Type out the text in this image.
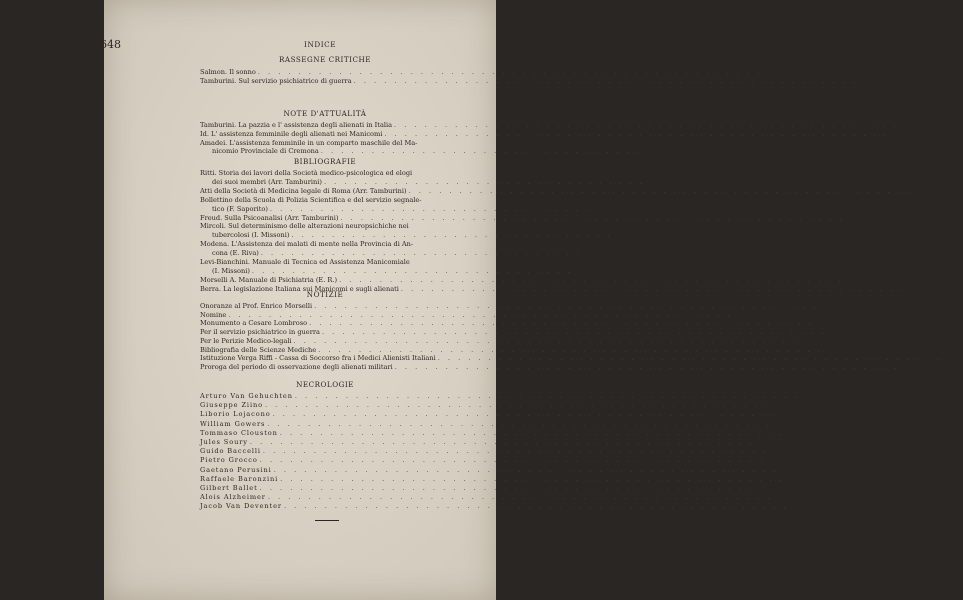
648	INDICE
RASSEGNE CRITICHE
NOTE D'ATTUALITÀ
BIBLIOGRAFIE
NOTIZIE
NECROLOGIE
Salmon. Il sonno . . .	Pag. 297
Tamburini. Sul servizio psichiatrico di guerra . . .	» 500
Tamburini. La pazzia e l' assistenza degli alienati in Italia . . .	» 623
Id. L' assistenza femminile degli alienati nei Manicomi . . .	» 634
Amadei. L'assistenza femminile in un comparto maschile del Ma-
nicomio Provinciale di Cremona . . .	» 635
Ritti. Storia dei lavori della Società medico-psicologica ed elogi
dei suoi membri (Arr. Tamburini) . . .	» 216
Atti della Società di Medicina legale di Roma (Arr. Tamburini) . . .	» 216
Bollettino della Scuola di Polizia Scientifica e del servizio segnale-
tico (F. Saporito) . . .	» 217
Freud. Sulla Psicoanalisi (Arr. Tamburini) . . .	» 218
Mircoli. Sul determinismo delle alterazioni neuropsichiche nei
tubercolosi (I. Missoni) . . .	» 218
Modena. L'Assistenza dei malati di mente nella Provincia di An-
cona (E. Riva) . . .	» 219
Levi-Bianchini. Manuale di Tecnica ed Assistenza Manicomiale
(I. Missoni) . . .	» 220
Morselli A. Manuale di Psichiatria (E. R.) . . .	» 411
Berra. La legislazione Italiana sui Manicomi e sugli alienati . . .	» 507
Onoranze al Prof. Enrico Morselli . . .	» 221
Nomine . . .	221-637
Monumento a Cesare Lombroso . . .	» 412
Per il servizio psichiatrico in guerra . . .	» 412
Per le Perizie Medico-legali . . .	» 508
Bibliografia delle Scienze Mediche . . .	» 637
Istituzione Verga Riffi - Cassa di Soccorso fra i Medici Alienisti Italiani . . .	» 637
Proroga del periodo di osservazione degli alienati militari . . .	» 639
Arturo Van Gehuchten . . .	» 222
Giuseppe Ziino . . .	» 223
Liborio Lojacono . . .	» 224
William Gowers . . .	» 413
Tommaso Clouston . . .	» 512
Jules Soury . . .	» 512
Guido Baccelli . . .	» 641
Pietro Grocco . . .	» 641
Gaetano Perusini . . .	» 642
Raffaele Baronzini . . .	» 643
Gilbert Ballet . . .	» 643
Alois Alzheimer . . .	» 644
Jacob Van Deventer . . .	» 645
